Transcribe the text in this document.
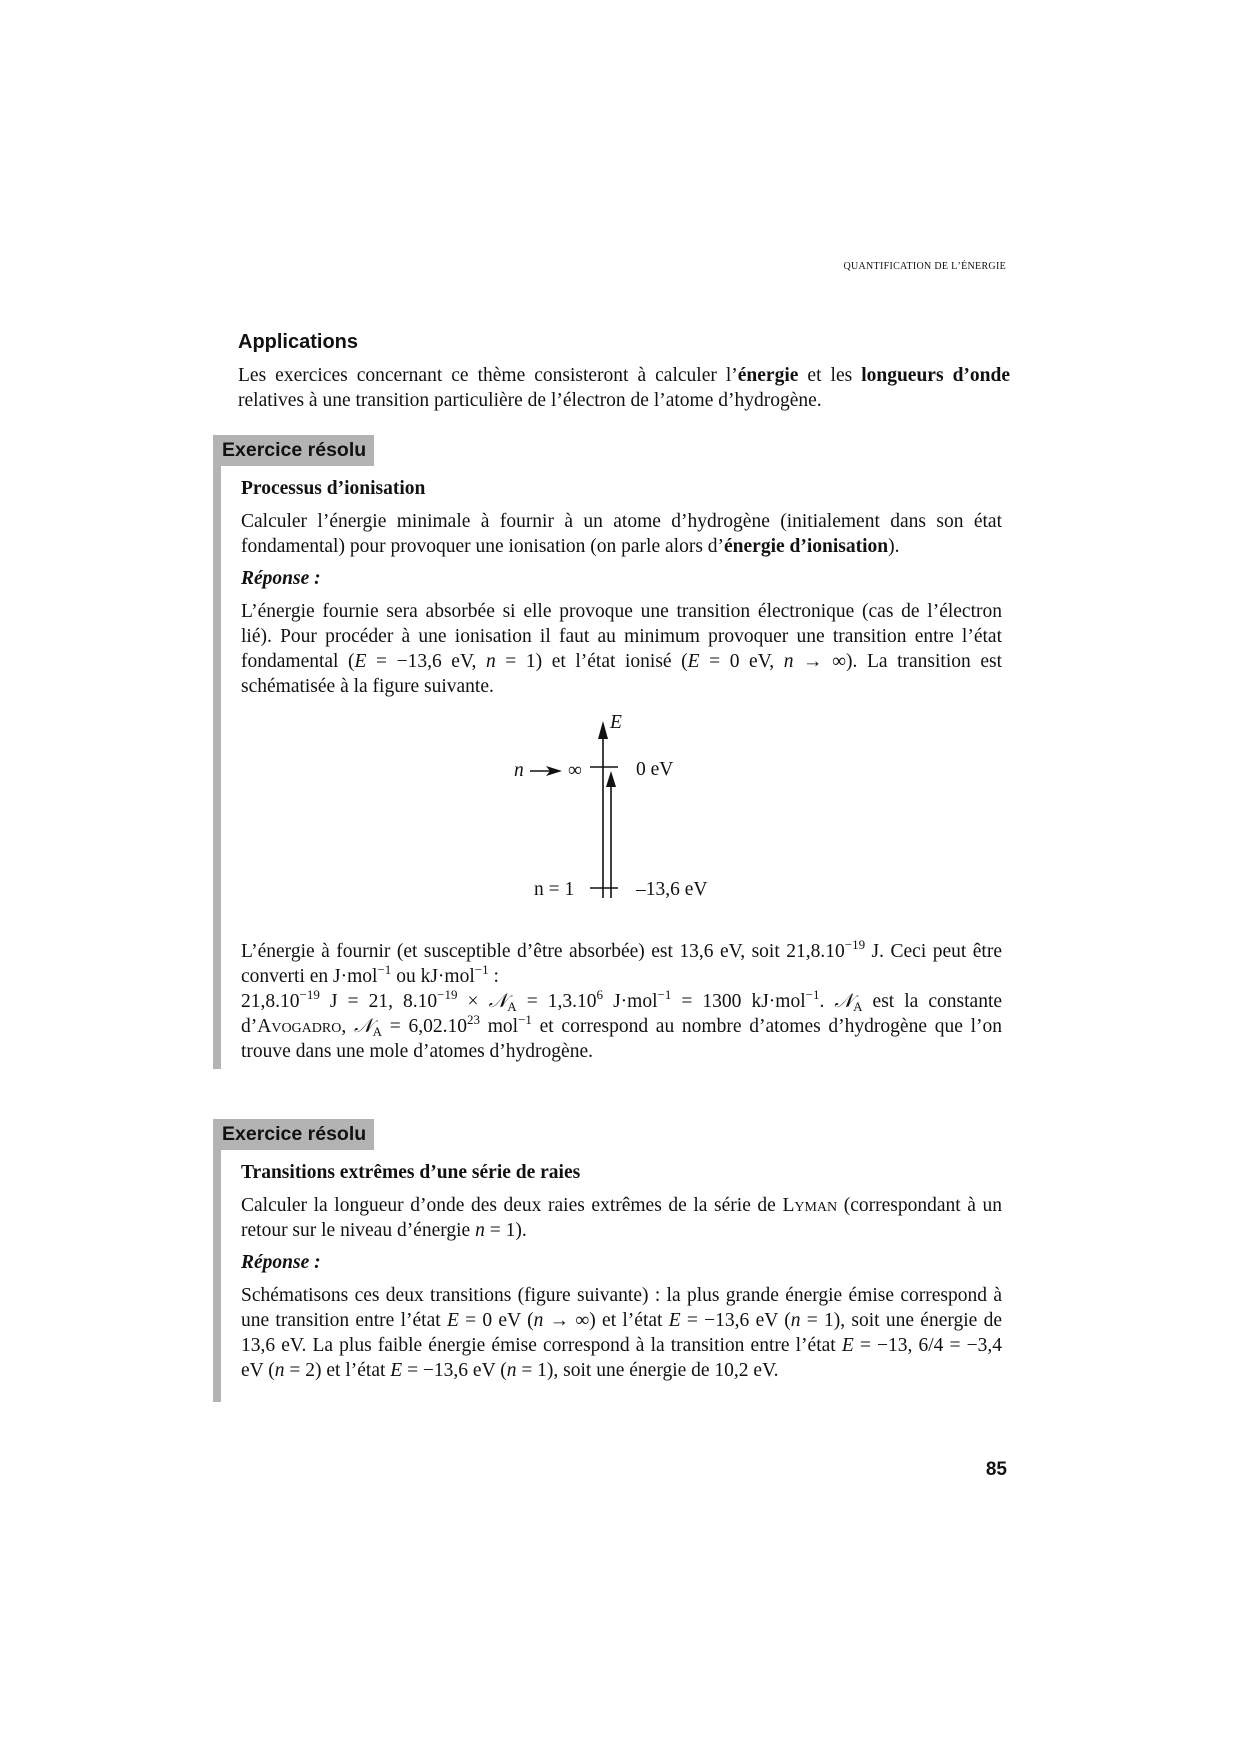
Quantification de l’énergie
Applications
Les exercices concernant ce thème consisteront à calculer l’énergie et les longueurs d’onde relatives à une transition particulière de l’électron de l’atome d’hydrogène.
Exercice résolu
Processus d’ionisation

Calculer l’énergie minimale à fournir à un atome d’hydrogène (initialement dans son état fondamental) pour provoquer une ionisation (on parle alors d’énergie d’ionisation).

Réponse :

L’énergie fournie sera absorbée si elle provoque une transition électronique (cas de l’électron lié). Pour procéder à une ionisation il faut au minimum provoquer une transition entre l’état fondamental (E = −13,6 eV, n = 1) et l’état ionisé (E = 0 eV, n → ∞). La transition est schématisée à la figure suivante.

E
n ∞	0 eV
n = 1	–13,6 eV

L’énergie à fournir (et susceptible d’être absorbée) est 13,6 eV, soit $21,8.10^{-19}$ J. Ceci peut être converti en J·mol$^{-1}$ ou kJ·mol$^{-1}$ :

$21,8.10^{-19}$ J = 21, $8.10^{-19}$ × 𝒩$_A$ = $1,3.10^6$ J·mol$^{-1}$ = 1300 kJ·mol$^{-1}$. 𝒩$_A$ est la constante d’Avogadro, 𝒩$_A$ = $6,02.10^{23}$ mol$^{-1}$ et correspond au nombre d’atomes d’hydrogène que l’on trouve dans une mole d’atomes d’hydrogène.

Exercice résolu
Transitions extrêmes d’une série de raies

Calculer la longueur d’onde des deux raies extrêmes de la série de Lyman (correspondant à un retour sur le niveau d’énergie n = 1).

Réponse :

Schématisons ces deux transitions (figure suivante) : la plus grande énergie émise correspond à une transition entre l’état E = 0 eV (n → ∞) et l’état E = −13,6 eV (n = 1), soit une énergie de 13,6 eV. La plus faible énergie émise correspond à la transition entre l’état E = −13, 6/4 = −3,4 eV (n = 2) et l’état E = −13,6 eV (n = 1), soit une énergie de 10,2 eV.

85
